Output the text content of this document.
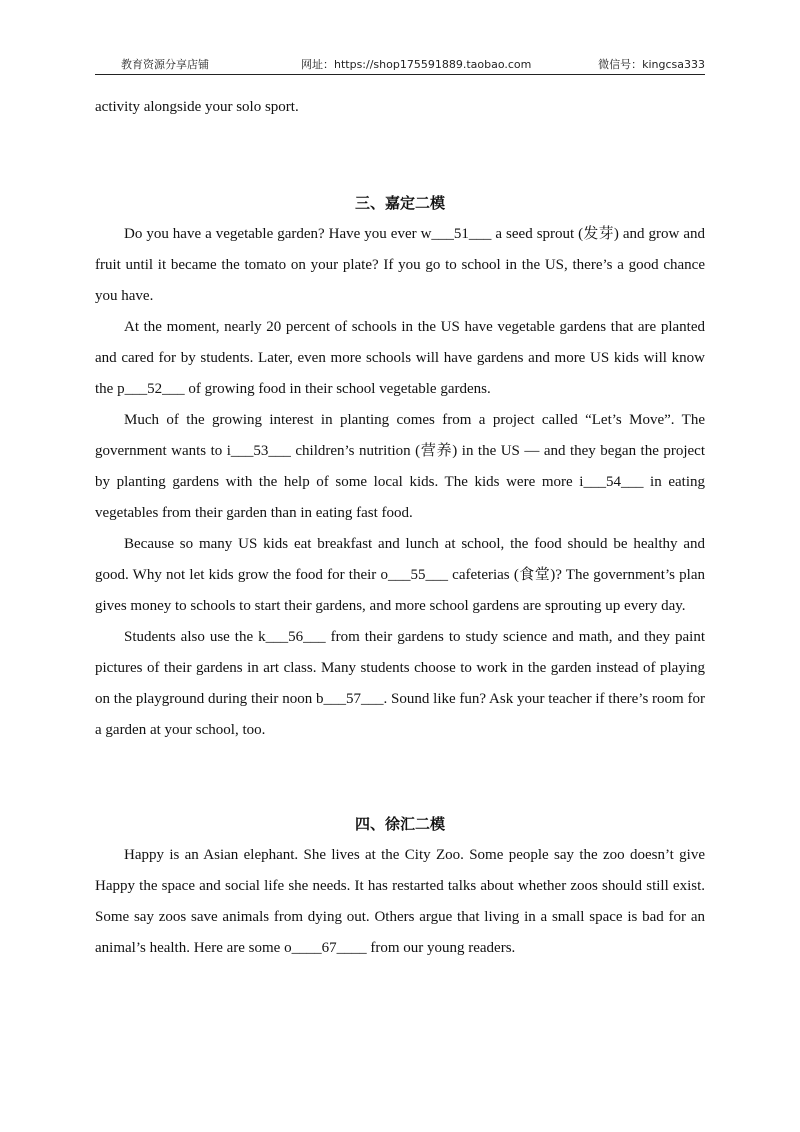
教育资源分享店铺	网址：https://shop175591889.taobao.com	微信号：kingcsa333
activity alongside your solo sport.
三、嘉定二模

Do you have a vegetable garden? Have you ever w___51___ a seed sprout (发芽) and grow and fruit until it became the tomato on your plate? If you go to school in the US, there’s a good chance you have.

At the moment, nearly 20 percent of schools in the US have vegetable gardens that are planted and cared for by students. Later, even more schools will have gardens and more US kids will know the p___52___ of growing food in their school vegetable gardens.

Much of the growing interest in planting comes from a project called “Let’s Move”. The government wants to i___53___ children’s nutrition (营养) in the US — and they began the project by planting gardens with the help of some local kids. The kids were more i___54___ in eating vegetables from their garden than in eating fast food.

Because so many US kids eat breakfast and lunch at school, the food should be healthy and good. Why not let kids grow the food for their o___55___ cafeterias (食堂)? The government’s plan gives money to schools to start their gardens, and more school gardens are sprouting up every day.

Students also use the k___56___ from their gardens to study science and math, and they paint pictures of their gardens in art class. Many students choose to work in the garden instead of playing on the playground during their noon b___57___. Sound like fun? Ask your teacher if there’s room for a garden at your school, too.

四、徐汇二模

Happy is an Asian elephant. She lives at the City Zoo. Some people say the zoo doesn’t give Happy the space and social life she needs. It has restarted talks about whether zoos should still exist. Some say zoos save animals from dying out. Others argue that living in a small space is bad for an animal’s health. Here are some o____67____ from our young readers.
